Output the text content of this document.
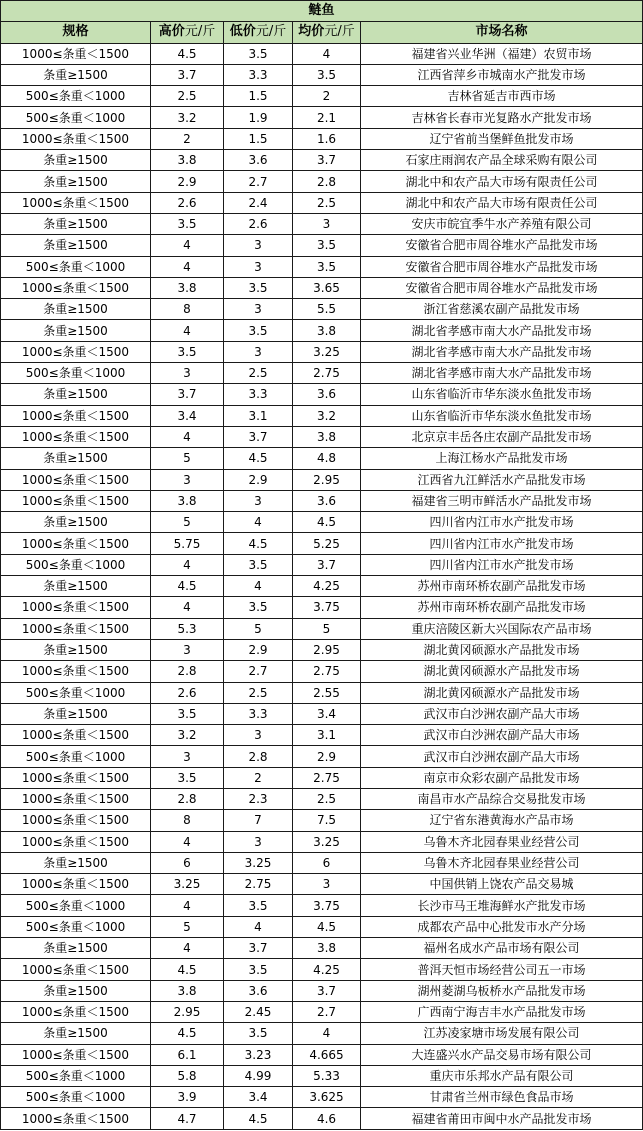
鲢鱼				
规格	高价元/斤	低价元/斤	均价元/斤	市场名称
1000≤条重＜1500	4.5	3.5	4	福建省兴业华洲（福建）农贸市场
条重≥1500	3.7	3.3	3.5	江西省萍乡市城南水产批发市场
500≤条重＜1000	2.5	1.5	2	吉林省延吉市西市场
500≤条重＜1000	3.2	1.9	2.1	吉林省长春市光复路水产批发市场
1000≤条重＜1500	2	1.5	1.6	辽宁省前当堡鲜鱼批发市场
条重≥1500	3.8	3.6	3.7	石家庄雨润农产品全球采购有限公司
条重≥1500	2.9	2.7	2.8	湖北中和农产品大市场有限责任公司
1000≤条重＜1500	2.6	2.4	2.5	湖北中和农产品大市场有限责任公司
条重≥1500	3.5	2.6	3	安庆市皖宜季牛水产养殖有限公司
条重≥1500	4	3	3.5	安徽省合肥市周谷堆水产品批发市场
500≤条重＜1000	4	3	3.5	安徽省合肥市周谷堆水产品批发市场
1000≤条重＜1500	3.8	3.5	3.65	安徽省合肥市周谷堆水产品批发市场
条重≥1500	8	3	5.5	浙江省慈溪农副产品批发市场
条重≥1500	4	3.5	3.8	湖北省孝感市南大水产品批发市场
1000≤条重＜1500	3.5	3	3.25	湖北省孝感市南大水产品批发市场
500≤条重＜1000	3	2.5	2.75	湖北省孝感市南大水产品批发市场
条重≥1500	3.7	3.3	3.6	山东省临沂市华东淡水鱼批发市场
1000≤条重＜1500	3.4	3.1	3.2	山东省临沂市华东淡水鱼批发市场
1000≤条重＜1500	4	3.7	3.8	北京京丰岳各庄农副产品批发市场
条重≥1500	5	4.5	4.8	上海江杨水产品批发市场
1000≤条重＜1500	3	2.9	2.95	江西省九江鲜活水产品批发市场
1000≤条重＜1500	3.8	3	3.6	福建省三明市鲜活水产品批发市场
条重≥1500	5	4	4.5	四川省内江市水产批发市场
1000≤条重＜1500	5.75	4.5	5.25	四川省内江市水产批发市场
500≤条重＜1000	4	3.5	3.7	四川省内江市水产批发市场
条重≥1500	4.5	4	4.25	苏州市南环桥农副产品批发市场
1000≤条重＜1500	4	3.5	3.75	苏州市南环桥农副产品批发市场
1000≤条重＜1500	5.3	5	5	重庆涪陵区新大兴国际农产品市场
条重≥1500	3	2.9	2.95	湖北黄冈硕源水产品批发市场
1000≤条重＜1500	2.8	2.7	2.75	湖北黄冈硕源水产品批发市场
500≤条重＜1000	2.6	2.5	2.55	湖北黄冈硕源水产品批发市场
条重≥1500	3.5	3.3	3.4	武汉市白沙洲农副产品大市场
1000≤条重＜1500	3.2	3	3.1	武汉市白沙洲农副产品大市场
500≤条重＜1000	3	2.8	2.9	武汉市白沙洲农副产品大市场
1000≤条重＜1500	3.5	2	2.75	南京市众彩农副产品批发市场
1000≤条重＜1500	2.8	2.3	2.5	南昌市水产品综合交易批发市场
1000≤条重＜1500	8	7	7.5	辽宁省东港黄海水产品市场
1000≤条重＜1500	4	3	3.25	乌鲁木齐北园春果业经营公司
条重≥1500	6	3.25	6	乌鲁木齐北园春果业经营公司
1000≤条重＜1500	3.25	2.75	3	中国供销上饶农产品交易城
500≤条重＜1000	4	3.5	3.75	长沙市马王堆海鲜水产批发市场
500≤条重＜1000	5	4	4.5	成都农产品中心批发市水产分场
条重≥1500	4	3.7	3.8	福州名成水产品市场有限公司
1000≤条重＜1500	4.5	3.5	4.25	普洱天恒市场经营公司五一市场
条重≥1500	3.8	3.6	3.7	湖州菱湖乌板桥水产品批发市场
1000≤条重＜1500	2.95	2.45	2.7	广西南宁海吉丰水产品批发市场
条重≥1500	4.5	3.5	4	江苏凌家塘市场发展有限公司
1000≤条重＜1500	6.1	3.23	4.665	大连盛兴水产品交易市场有限公司
500≤条重＜1000	5.8	4.99	5.33	重庆市乐邦水产品有限公司
500≤条重＜1000	3.9	3.4	3.625	甘肃省兰州市绿色食品市场
1000≤条重＜1500	4.7	4.5	4.6	福建省莆田市闽中水产品批发市场
